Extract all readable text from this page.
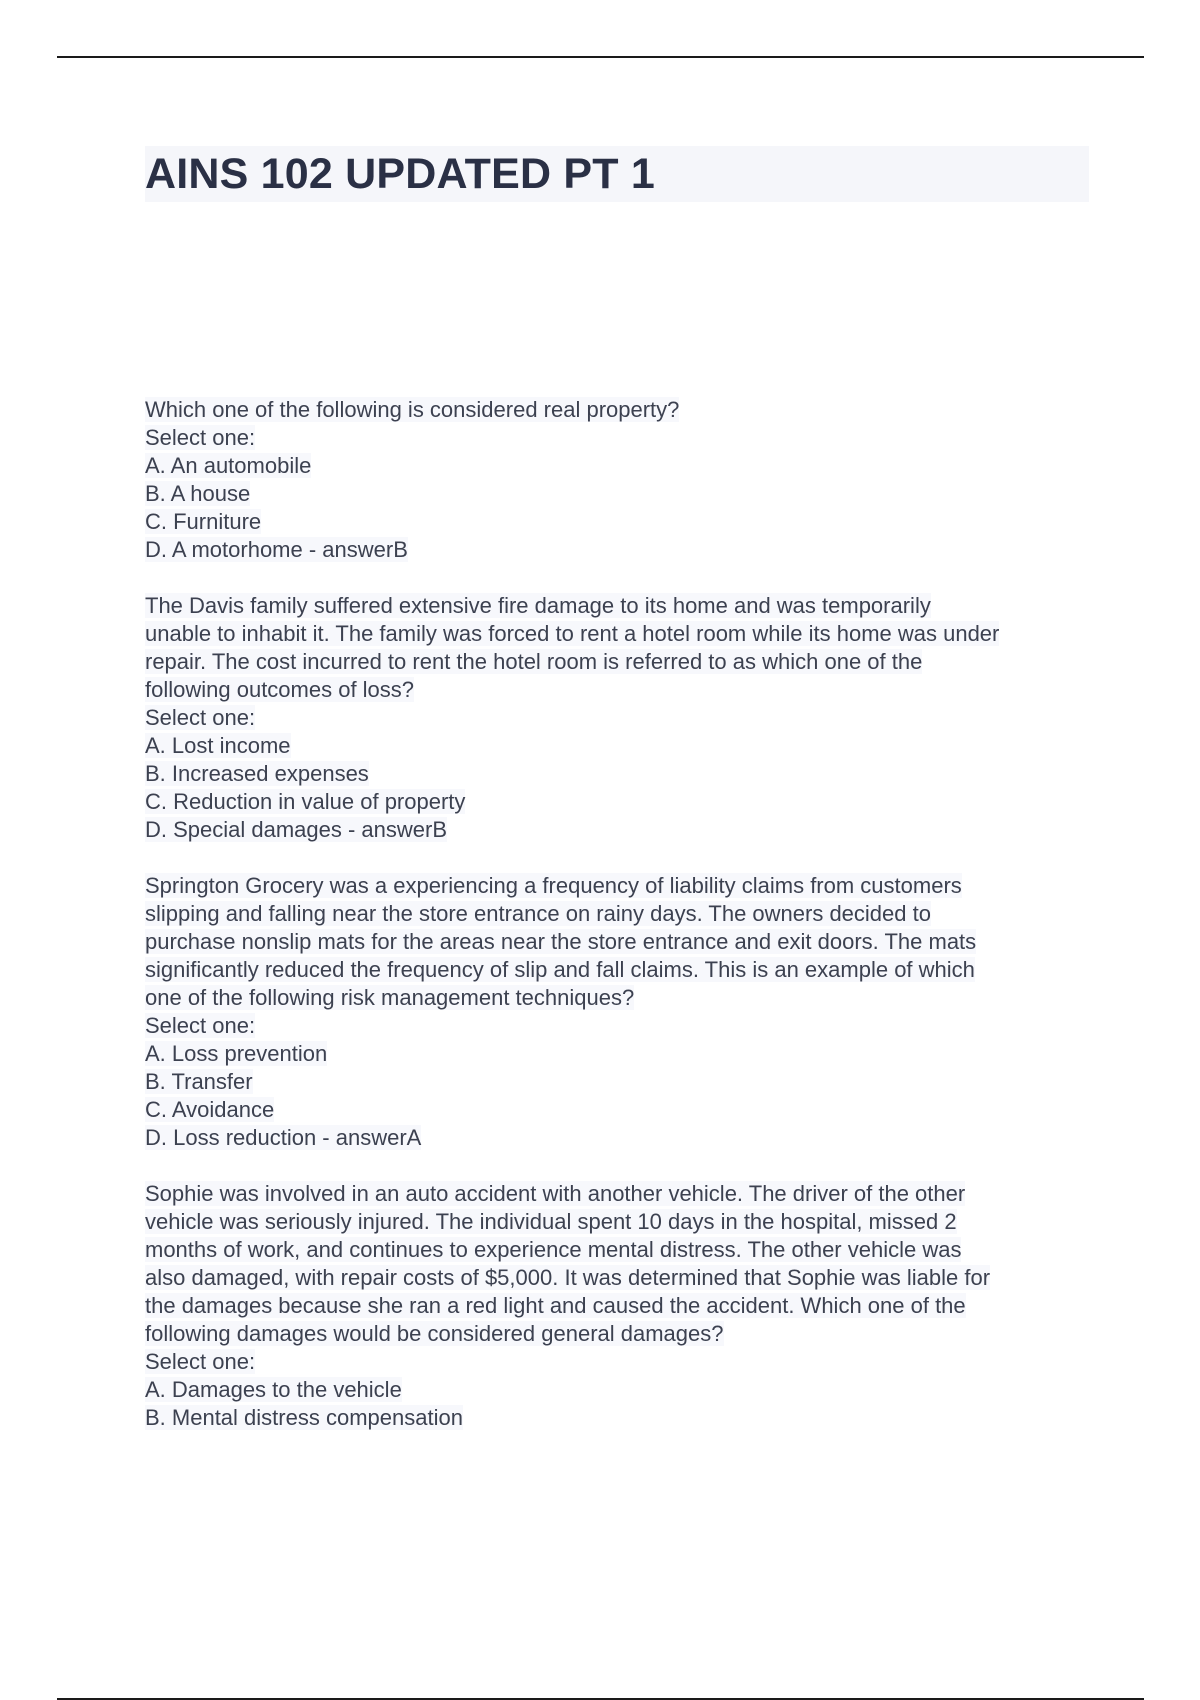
AINS 102 UPDATED PT 1
Which one of the following is considered real property?
Select one:
A. An automobile
B. A house
C. Furniture
D. A motorhome - answerB
The Davis family suffered extensive fire damage to its home and was temporarily
unable to inhabit it. The family was forced to rent a hotel room while its home was under
repair. The cost incurred to rent the hotel room is referred to as which one of the
following outcomes of loss?
Select one:
A. Lost income
B. Increased expenses
C. Reduction in value of property
D. Special damages - answerB
Springton Grocery was a experiencing a frequency of liability claims from customers
slipping and falling near the store entrance on rainy days. The owners decided to
purchase nonslip mats for the areas near the store entrance and exit doors. The mats
significantly reduced the frequency of slip and fall claims. This is an example of which
one of the following risk management techniques?
Select one:
A. Loss prevention
B. Transfer
C. Avoidance
D. Loss reduction - answerA
Sophie was involved in an auto accident with another vehicle. The driver of the other
vehicle was seriously injured. The individual spent 10 days in the hospital, missed 2
months of work, and continues to experience mental distress. The other vehicle was
also damaged, with repair costs of $5,000. It was determined that Sophie was liable for
the damages because she ran a red light and caused the accident. Which one of the
following damages would be considered general damages?
Select one:
A. Damages to the vehicle
B. Mental distress compensation
